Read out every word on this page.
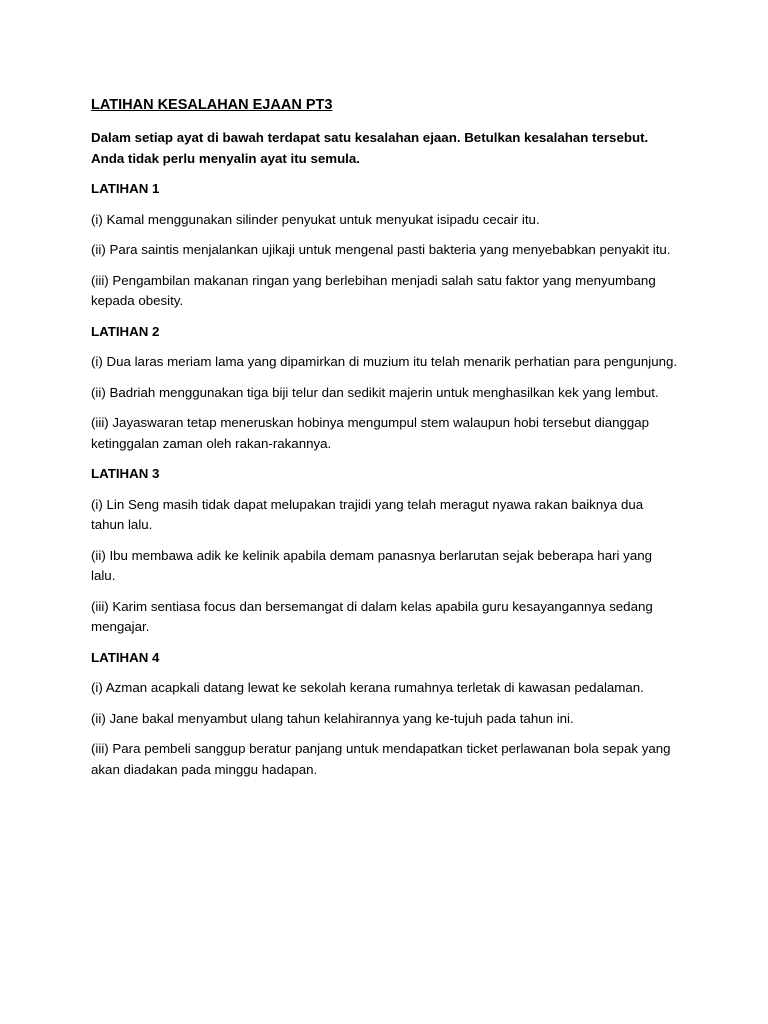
LATIHAN KESALAHAN EJAAN PT3
Dalam setiap ayat di bawah terdapat satu kesalahan ejaan. Betulkan kesalahan tersebut.
Anda tidak perlu menyalin ayat itu semula.
LATIHAN 1
(i) Kamal menggunakan silinder penyukat untuk menyukat isipadu cecair itu.
(ii) Para saintis menjalankan ujikaji untuk mengenal pasti bakteria yang menyebabkan penyakit itu.
(iii) Pengambilan makanan ringan yang berlebihan menjadi salah satu faktor yang menyumbang kepada obesity.
LATIHAN 2
(i) Dua laras meriam lama yang dipamirkan di muzium itu telah menarik perhatian para pengunjung.
(ii) Badriah menggunakan tiga biji telur dan sedikit majerin untuk menghasilkan kek yang lembut.
(iii) Jayaswaran tetap meneruskan hobinya mengumpul stem walaupun hobi tersebut dianggap ketinggalan zaman oleh rakan-rakannya.
LATIHAN 3
(i) Lin Seng masih tidak dapat melupakan trajidi yang telah meragut nyawa rakan baiknya dua tahun lalu.
(ii) Ibu membawa adik ke kelinik apabila demam panasnya berlarutan sejak beberapa hari yang lalu.
(iii) Karim sentiasa focus dan bersemangat di dalam kelas apabila guru kesayangannya sedang mengajar.
LATIHAN 4
(i) Azman acapkali datang lewat ke sekolah kerana rumahnya terletak di kawasan pedalaman.
(ii) Jane bakal menyambut ulang tahun kelahirannya yang ke-tujuh pada tahun ini.
(iii) Para pembeli sanggup beratur panjang untuk mendapatkan ticket perlawanan bola sepak yang akan diadakan pada minggu hadapan.
